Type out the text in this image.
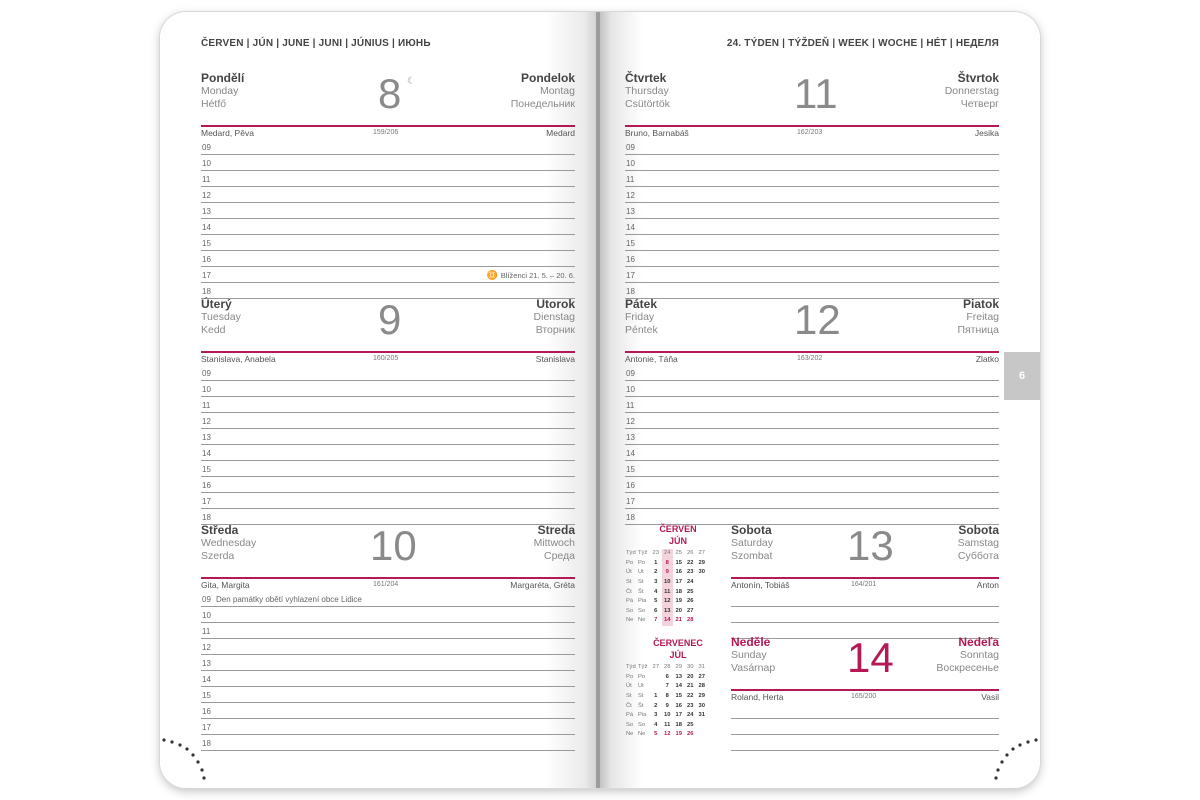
ČERVEN | JÚN | JUNE | JUNI | JÚNIUS | ИЮНЬ	24. TÝDEN | TÝŽDEŇ | WEEK | WOCHE | HÉT | НЕДЕЛЯ
Pondělí
Monday
Hétfő	8 ☾	Pondelok
Montag
Понедельник
Medard, Pěva	159/206	Medard
09
10
11
12
13
14
15
16
17	♊ Blíženci 21. 5. – 20. 6.
18
Úterý
Tuesday
Kedd	9	Utorok
Dienstag
Вторник
Stanislava, Anabela	160/205	Stanislava
09
10
11
12
13
14
15
16
17
18
Středa
Wednesday
Szerda	10	Streda
Mittwoch
Среда
Gita, Margita	161/204	Margaréta, Gréta
09 Den památky obětí vyhlazení obce Lidice
10
11
12
13
14
15
16
17
18
Čtvrtek
Thursday
Csütörtök	11	Štvrtok
Donnerstag
Четверг
Bruno, Barnabáš	162/203	Jesika
09
10
11
12
13
14
15
16
17
18
Pátek
Friday
Péntek	12	Piatok
Freitag
Пятница
Antonie, Táňa	163/202	Zlatko
09
10
11
12
13
14
15
16
17
18
ČERVEN
JÚN
Týd	Týž	23	24	25	26	27
Po	Po	1	8	15	22	29
Út	Ut	2	9	16	23	30
St	St	3	10	17	24	
Čt	Št	4	11	18	25	
Pá	Pia	5	12	19	26	
So	So	6	13	20	27	
Ne	Ne	7	14	21	28	
ČERVENEC
JÚL
Týd	Týž	27	28	29	30	31
Po	Po		6	13	20	27
Út	Ut		7	14	21	28
St	St	1	8	15	22	29
Čt	Št	2	9	16	23	30
Pá	Pia	3	10	17	24	31
So	So	4	11	18	25	
Ne	Ne	5	12	19	26	
Sobota
Saturday
Szombat 13	Sobota
Samstag
Суббота
Antonín, Tobiáš	164/201	Anton
Neděle
Sunday
Vasárnap 14	Nedeľa
Sonntag
Воскресенье
Roland, Herta	165/200	Vasil
6
